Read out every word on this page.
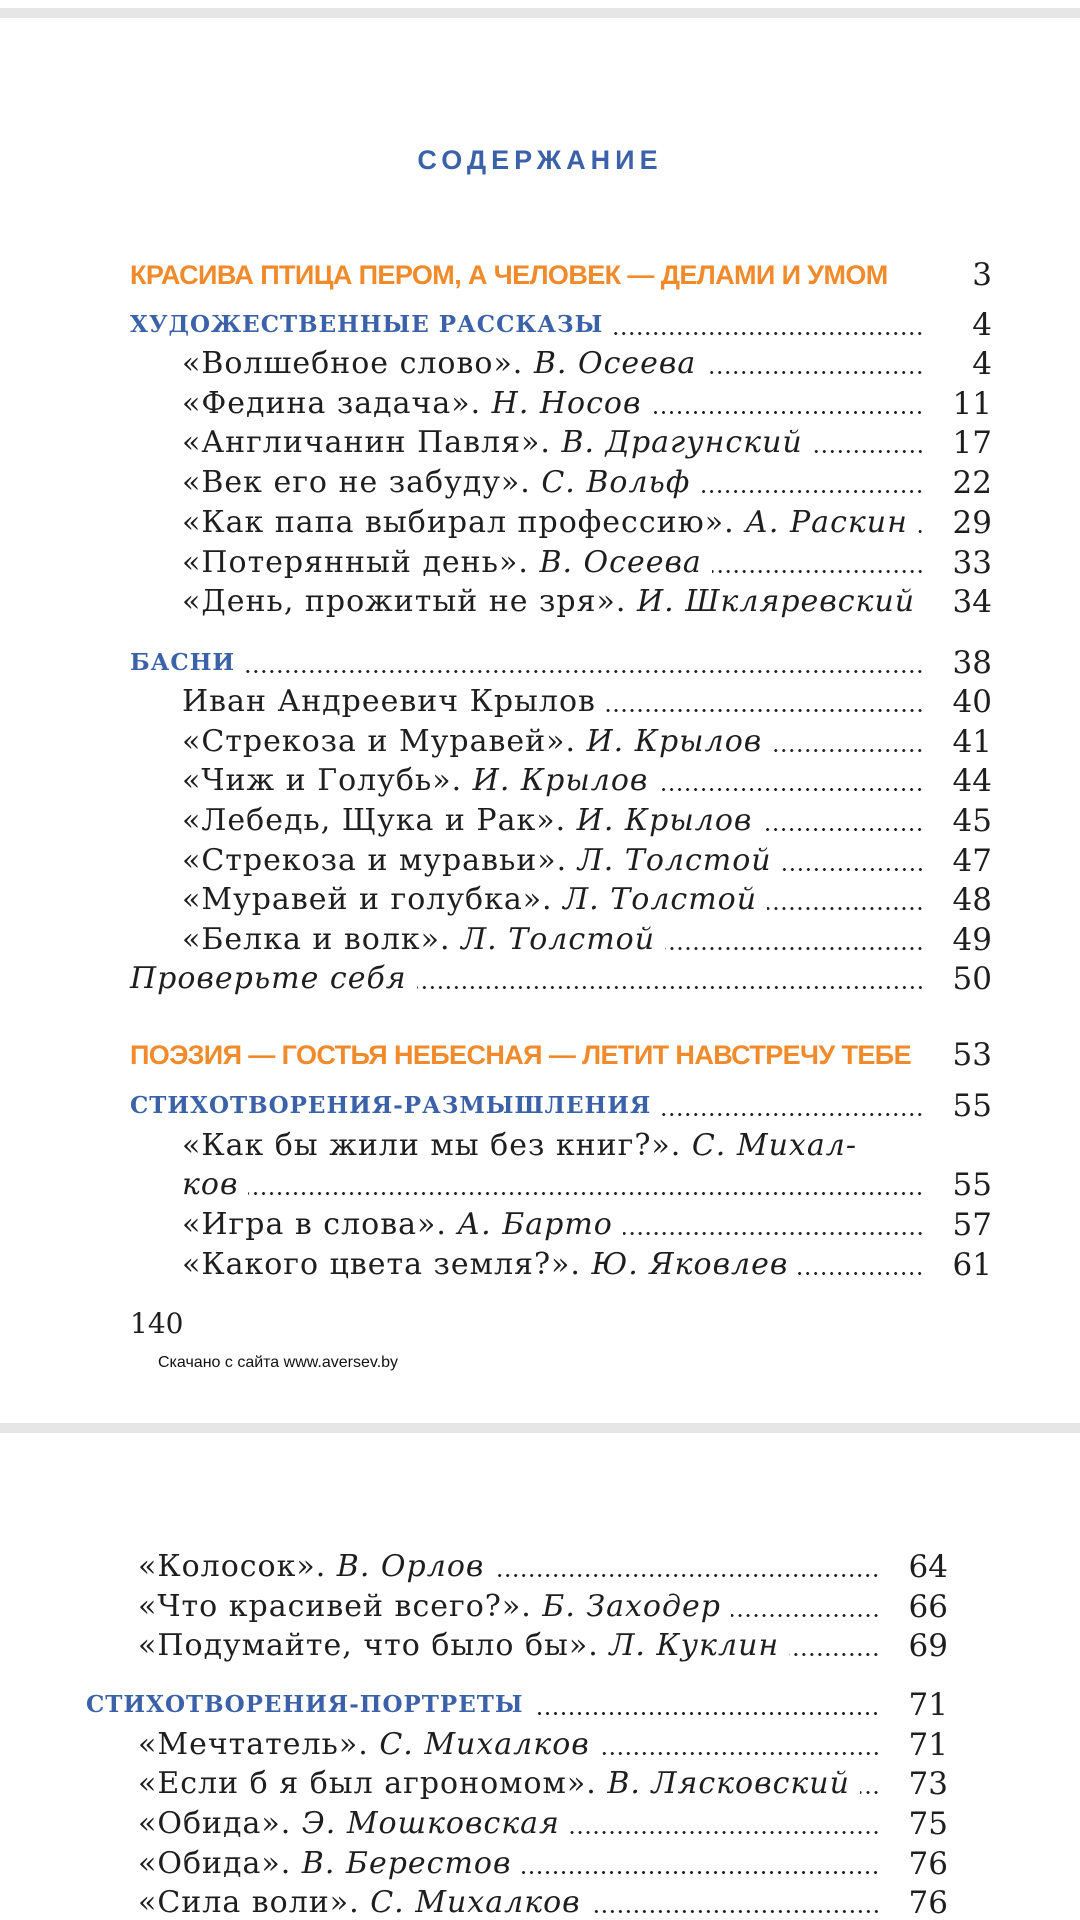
СОДЕРЖАНИЕ
КРАСИВА ПТИЦА ПЕРОМ, А ЧЕЛОВЕК — ДЕЛАМИ И УМОМ	3
ХУДОЖЕСТВЕННЫЕ РАССКАЗЫ	4
«Волшебное слово». В. Осеева	4
«Федина задача». Н. Носов	11
«Англичанин Павля». В. Драгунский	17
«Век его не забуду». С. Вольф	22
«Как папа выбирал профессию». А. Раскин	29
«Потерянный день». В. Осеева	33
«День, прожитый не зря». И. Шкляревский	34
БАСНИ	38
Иван Андреевич Крылов	40
«Стрекоза и Муравей». И. Крылов	41
«Чиж и Голубь». И. Крылов	44
«Лебедь, Щука и Рак». И. Крылов	45
«Стрекоза и муравьи». Л. Толстой	47
«Муравей и голубка». Л. Толстой	48
«Белка и волк». Л. Толстой	49
Проверьте себя	50
ПОЭЗИЯ — ГОСТЬЯ НЕБЕСНАЯ — ЛЕТИТ НАВСТРЕЧУ ТЕБЕ	53
СТИХОТВОРЕНИЯ-РАЗМЫШЛЕНИЯ	55
«Как бы жили мы без книг?». С. Михал-
ков	55
«Игра в слова». А. Барто	57
«Какого цвета земля?». Ю. Яковлев	61
140
Скачано с сайта www.aversev.by
«Колосок». В. Орлов	64
«Что красивей всего?». Б. Заходер	66
«Подумайте, что было бы». Л. Куклин	69
СТИХОТВОРЕНИЯ-ПОРТРЕТЫ	71
«Мечтатель». С. Михалков	71
«Если б я был агрономом». В. Лясковский	73
«Обида». Э. Мошковская	75
«Обида». В. Берестов	76
«Сила воли». С. Михалков	76
